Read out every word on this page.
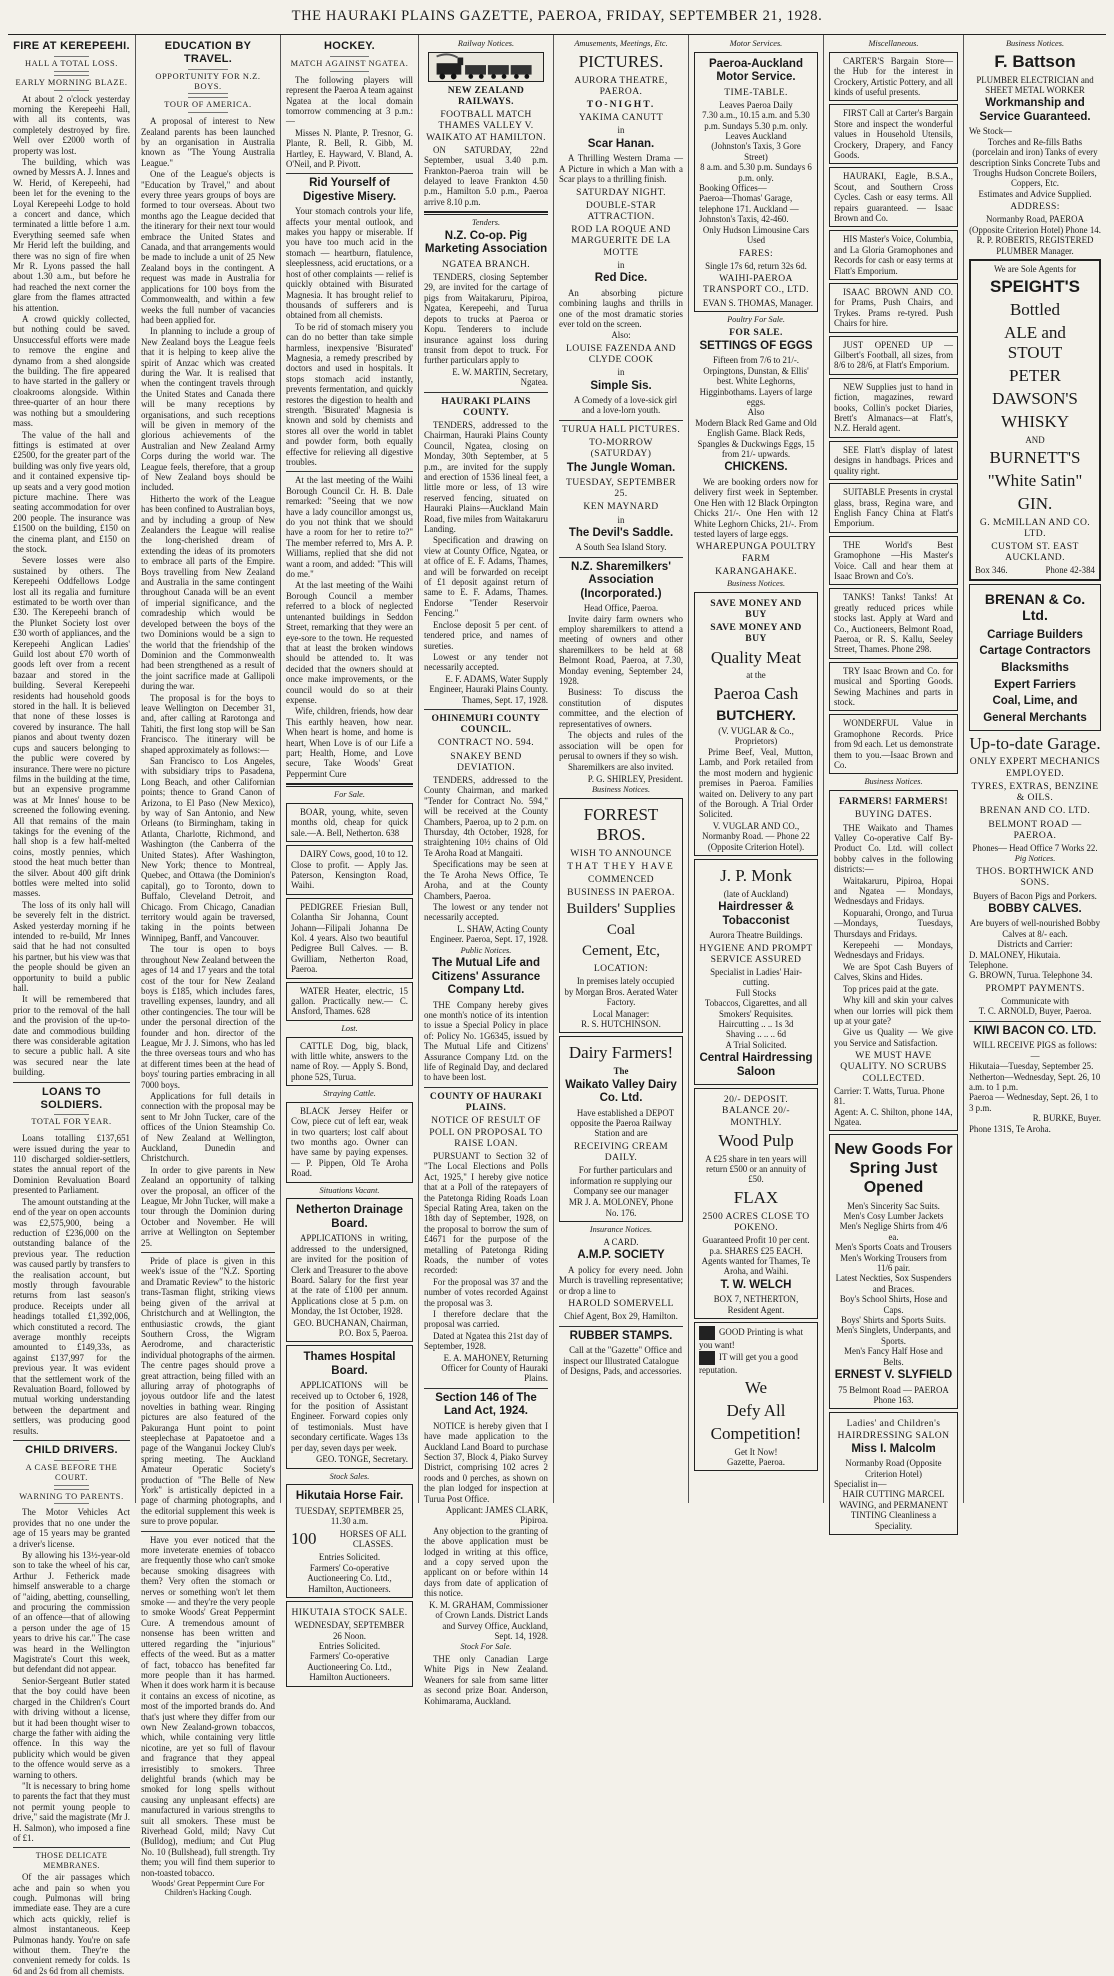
THE HAURAKI PLAINS GAZETTE, PAEROA, FRIDAY, SEPTEMBER 21, 1928.
FIRE AT KEREPEEHI.
HALL A TOTAL LOSS.
EARLY MORNING BLAZE.

At about 2 o'clock yesterday morning the Kerepeehi Hall, with all its contents, was completely destroyed by fire. Well over £2000 worth of property was lost.

The building, which was owned by Messrs A. J. Innes and W. Herid, of Kerepeehi, had been let for the evening to the Loyal Kerepeehi Lodge to hold a concert and dance, which terminated a little before 1 a.m. Everything seemed safe when Mr Herid left the building, and there was no sign of fire when Mr R. Lyons passed the hall about 1.30 a.m., but before he had reached the next corner the glare from the flames attracted his attention.

A crowd quickly collected, but nothing could be saved. Unsuccessful efforts were made to remove the engine and dynamo from a shed alongside the building. The fire appeared to have started in the gallery or cloakrooms alongside. Within three-quarter of an hour there was nothing but a smouldering mass.

The value of the hall and fittings is estimated at over £2500, for the greater part of the building was only five years old, and it contained expensive tip-up seats and a very good motion picture machine. There was seating accommodation for over 200 people. The insurance was £1500 on the building, £150 on the cinema plant, and £150 on the stock.

Severe losses were also sustained by others. The Kerepeehi Oddfellows Lodge lost all its regalia and furniture estimated to be worth over than £30. The Kerepeehi branch of the Plunket Society lost over £30 worth of appliances, and the Kerepeehi Anglican Ladies' Guild lost about £70 worth of goods left over from a recent bazaar and stored in the building. Several Kerepeehi residents had household goods stored in the hall. It is believed that none of these losses is covered by insurance. The hall pianos and about twenty dozen cups and saucers belonging to the public were covered by insurance. There were no picture films in the building at the time, but an expensive programme was at Mr Innes' house to be screened the following evening. All that remains of the main takings for the evening of the hall shop is a few half-melted coins, mostly pennies, which stood the heat much better than the silver. About 400 gift drink bottles were melted into solid masses.

The loss of its only hall will be severely felt in the district. Asked yesterday morning if he intended to re-build, Mr Innes said that he had not consulted his partner, but his view was that the people should be given an opportunity to build a public hall.

It will be remembered that prior to the removal of the hall and the provision of the up-to-date and commodious building there was considerable agitation to secure a public hall. A site was secured near the late building.

LOANS TO SOLDIERS.
TOTAL FOR YEAR.

Loans totalling £137,651 were issued during the year to 110 discharged soldier-settlers, states the annual report of the Dominion Revaluation Board presented to Parliament.

The amount outstanding at the end of the year on open accounts was £2,575,900, being a reduction of £236,000 on the outstanding balance of the previous year. The reduction was caused partly by transfers to the realisation account, but mostly through favourable returns from last season's produce. Receipts under all headings totalled £1,392,006, which constituted a record. The average monthly receipts amounted to £149,33s, as against £137,997 for the previous year. It was evident that the settlement work of the Revaluation Board, followed by mutual working understanding between the department and settlers, was producing good results.

CHILD DRIVERS.
A CASE BEFORE THE COURT.
WARNING TO PARENTS.

The Motor Vehicles Act provides that no one under the age of 15 years may be granted a driver's license.

By allowing his 13½-year-old son to take the wheel of his car, Arthur J. Fetherick made himself answerable to a charge of "aiding, abetting, counselling, and procuring the commission of an offence—that of allowing a person under the age of 15 years to drive his car." The case was heard in the Wellington Magistrate's Court this week, but defendant did not appear.

Senior-Sergeant Butler stated that the boy could have been charged in the Children's Court with driving without a license, but it had been thought wiser to charge the father with aiding the offence. In this way the publicity which would be given to the offence would serve as a warning to others.

"It is necessary to bring home to parents the fact that they must not permit young people to drive," said the magistrate (Mr J. H. Salmon), who imposed a fine of £1.

THOSE DELICATE MEMBRANES.

Of the air passages which ache and pain so when you cough. Pulmonas will bring immediate ease. They are a cure which acts quickly, relief is almost instantaneous. Keep Pulmonas handy. You're on safe without them. They're the convenient remedy for colds. 1s 6d and 2s 6d from all chemists.

EDUCATION BY TRAVEL.
OPPORTUNITY FOR N.Z. BOYS.
TOUR OF AMERICA.

A proposal of interest to New Zealand parents has been launched by an organisation in Australia known as "The Young Australia League."

One of the League's objects is "Education by Travel," and about every three years groups of boys are formed to tour overseas. About two months ago the League decided that the itinerary for their next tour would embrace the United States and Canada, and that arrangements would be made to include a unit of 25 New Zealand boys in the contingent. A request was made in Australia for applications for 100 boys from the Commonwealth, and within a few weeks the full number of vacancies had been applied for.

In planning to include a group of New Zealand boys the League feels that it is helping to keep alive the spirit of Anzac which was created during the War. It is realised that when the contingent travels through the United States and Canada there will be many receptions by organisations, and such receptions will be given in memory of the glorious achievements of the Australian and New Zealand Army Corps during the world war. The League feels, therefore, that a group of New Zealand boys should be included.

Hitherto the work of the League has been confined to Australian boys, and by including a group of New Zealanders the League will realise the long-cherished dream of extending the ideas of its promoters to embrace all parts of the Empire. Boys travelling from New Zealand and Australia in the same contingent throughout Canada will be an event of imperial significance, and the comradeship which would be developed between the boys of the two Dominions would be a sign to the world that the friendship of the Dominion and the Commonwealth had been strengthened as a result of the joint sacrifice made at Gallipoli during the war.

The proposal is for the boys to leave Wellington on December 31, and, after calling at Rarotonga and Tahiti, the first long stop will be San Francisco. The itinerary will be shaped approximately as follows:—

San Francisco to Los Angeles, with subsidiary trips to Pasadena, Long Beach, and other Californian points; thence to Grand Canon of Arizona, to El Paso (New Mexico), by way of San Antonio, and New Orleans (to Birmingham, taking in Atlanta, Charlotte, Richmond, and Washington (the Canberra of the United States). After Washington, New York; thence to Montreal, Quebec, and Ottawa (the Dominion's capital), go to Toronto, down to Buffalo, Cleveland Detroit, and Chicago. From Chicago, Canadian territory would again be traversed, taking in the points between Winnipeg, Banff, and Vancouver.

The tour is open to boys throughout New Zealand between the ages of 14 and 17 years and the total cost of the tour for New Zealand boys is £185, which includes fares, travelling expenses, laundry, and all other contingencies. The tour will be under the personal direction of the founder and hon. director of the League, Mr J. J. Simons, who has led the three overseas tours and who has at different times been at the head of boys' touring parties embracing in all 7000 boys.

Applications for full details in connection with the proposal may be sent to Mr John Tucker, care of the offices of the Union Steamship Co. of New Zealand at Wellington, Auckland, Dunedin and Christchurch.

In order to give parents in New Zealand an opportunity of talking over the proposal, an officer of the League, Mr John Tucker, will make a tour through the Dominion during October and November. He will arrive at Wellington on September 25.

Pride of place is given in this week's issue of the "N.Z. Sporting and Dramatic Review" to the historic trans-Tasman flight, striking views being given of the arrival at Christchurch and at Wellington, the enthusiastic crowds, the giant Southern Cross, the Wigram Aerodrome, and characteristic individual photographs of the airmen. The centre pages should prove a great attraction, being filled with an alluring array of photographs of joyous outdoor life and the latest novelties in bathing wear. Ringing pictures are also featured of the Pakuranga Hunt point to point steeplechase at Papatoetoe and a page of the Wanganui Jockey Club's spring meeting. The Auckland Amateur Operatic Society's production of "The Belle of New York" is artistically depicted in a page of charming photographs, and the editorial supplement this week is sure to prove popular.

Have you ever noticed that the more inveterate enemies of tobacco are frequently those who can't smoke because smoking disagrees with them? Very often the stomach or nerves or something won't let them smoke — and they're the very people to smoke Woods' Great Peppermint Cure. A tremendous amount of nonsense has been written and uttered regarding the "injurious" effects of the weed. But as a matter of fact, tobacco has benefited far more people than it has harmed. When it does work harm it is because it contains an excess of nicotine, as most of the imported brands do. And that's just where they differ from our own New Zealand-grown tobaccos, which, while containing very little nicotine, are yet so full of flavour and fragrance that they appeal irresistibly to smokers. Three delightful brands (which may be smoked for long spells without causing any unpleasant effects) are manufactured in various strengths to suit all smokers. These must be Riverhead Gold, mild; Navy Cut (Bulldog), medium; and Cut Plug No. 10 (Bullshead), full strength. Try them; you will find them superior to non-toasted tobacco.

Woods' Great Peppermint Cure For Children's Hacking Cough.
HOCKEY.
MATCH AGAINST NGATEA.

The following players will represent the Paeroa A team against Ngatea at the local domain tomorrow commencing at 3 p.m.:—

Misses N. Plante, P. Tresnor, G. Plante, R. Bell, R. Gibb, M. Hartley, E. Hayward, V. Bland, A. O'Neil, and P. Pivott.

Rid Yourself of Digestive Misery.

Your stomach controls your life, affects your mental outlook, and makes you happy or miserable. If you have too much acid in the stomach — heartburn, flatulence, sleeplessness, acid eructations, or a host of other complaints — relief is quickly obtained with Bisurated Magnesia. It has brought relief to thousands of sufferers and is obtained from all chemists.

To be rid of stomach misery you can do no better than take simple harmless, inexpensive 'Bisurated' Magnesia, a remedy prescribed by doctors and used in hospitals. It stops stomach acid instantly, prevents fermentation, and quickly restores the digestion to health and strength. 'Bisurated' Magnesia is known and sold by chemists and stores all over the world in tablet and powder form, both equally effective for relieving all digestive troubles.

At the last meeting of the Waihi Borough Council Cr. H. B. Dale remarked: "Seeing that we now have a lady councillor amongst us, do you not think that we should have a room for her to retire to?" The member referred to, Mrs A. P. Williams, replied that she did not want a room, and added: "This will do me."

At the last meeting of the Waihi Borough Council a member referred to a block of neglected untenanted buildings in Seddon Street, remarking that they were an eye-sore to the town. He requested that at least the broken windows should be attended to. It was decided that the owners should at once make improvements, or the council would do so at their expense.

Wife, children, friends, how dear This earthly heaven, how near. When heart is home, and home is heart, When Love is of our Life a part; Health, Home, and Love secure, Take Woods' Great Peppermint Cure

For Sale.

BOAR, young, white, seven months old, cheap for quick sale.—A. Bell, Netherton. 638

DAIRY Cows, good, 10 to 12. Close to profit. — Apply Jas. Paterson, Kensington Road, Waihi.

PEDIGREE Friesian Bull, Colantha Sir Johanna, Count Johann—Filipali Johanna De Kol. 4 years. Also two beautiful Pedigree Bull Calves. — B. Gwilliam, Netherton Road, Paeroa.

WATER Heater, electric, 15 gallon. Practically new.— C. Ansford, Thames. 628

Lost.

CATTLE Dog, big, black, with little white, answers to the name of Roy. — Apply S. Bond, phone 52S, Turua.

Straying Cattle.

BLACK Jersey Heifer or Cow, piece cut of left ear, weak in two quarters; lost calf about two months ago. Owner can have same by paying expenses. — P. Pippen, Old Te Aroha Road.

Situations Vacant.
Netherton Drainage Board.

APPLICATIONS in writing, addressed to the undersigned, are invited for the position of Clerk and Treasurer to the above Board. Salary for the first year at the rate of £100 per annum. Applications close at 5 p.m. on Monday, the 1st October, 1928.

GEO. BUCHANAN, Chairman, P.O. Box 5, Paeroa.
Thames Hospital Board.

APPLICATIONS will be received up to October 6, 1928, for the position of Assistant Engineer. Forward copies only of testimonials. Must have secondary certificate. Wages 13s per day, seven days per week.

GEO. TONGE, Secretary.
Stock Sales.
Hikutaia Horse Fair.
TUESDAY, SEPTEMBER 25, 11.30 a.m.
100	HORSES OF ALL CLASSES.
Entries Solicited.
Farmers' Co-operative Auctioneering Co. Ltd., Hamilton, Auctioneers.
HIKUTAIA STOCK SALE.
WEDNESDAY, SEPTEMBER 26 Noon.
Entries Solicited.
Farmers' Co-operative Auctioneering Co. Ltd., Hamilton Auctioneers.
Railway Notices.
NEW ZEALAND RAILWAYS.
FOOTBALL MATCH THAMES VALLEY V. WAIKATO AT HAMILTON.

ON SATURDAY, 22nd September, usual 3.40 p.m. Frankton-Paeroa train will be delayed to leave Frankton 4.50 p.m., Hamilton 5.0 p.m., Paeroa arrive 8.10 p.m.

Tenders.
N.Z. Co-op. Pig Marketing Association
NGATEA BRANCH.

TENDERS, closing September 29, are invited for the cartage of pigs from Waitakaruru, Pipiroa, Ngatea, Kerepeehi, and Turua depots to trucks at Paeroa or Kopu. Tenderers to include insurance against loss during transit from depot to truck. For further particulars apply to

E. W. MARTIN, Secretary, Ngatea.
HAURAKI PLAINS COUNTY.

TENDERS, addressed to the Chairman, Hauraki Plains County Council, Ngatea, closing on Monday, 30th September, at 5 p.m., are invited for the supply and erection of 1536 lineal feet, a little more or less, of 13 wire reserved fencing, situated on Hauraki Plains—Auckland Main Road, five miles from Waitakaruru Landing.

Specification and drawing on view at County Office, Ngatea, or at office of E. F. Adams, Thames, and will be forwarded on receipt of £1 deposit against return of same to E. F. Adams, Thames. Endorse "Tender Reservoir Fencing."

Enclose deposit 5 per cent. of tendered price, and names of sureties.

Lowest or any tender not necessarily accepted.

E. F. ADAMS, Water Supply Engineer, Hauraki Plains County. Thames, Sept. 17, 1928.
OHINEMURI COUNTY COUNCIL.
CONTRACT NO. 594.
SNAKEY BEND DEVIATION.

TENDERS, addressed to the County Chairman, and marked "Tender for Contract No. 594," will be received at the County Chambers, Paeroa, up to 2 p.m. on Thursday, 4th October, 1928, for straightening 10½ chains of Old Te Aroha Road at Mangaiti.

Specifications may be seen at the Te Aroha News Office, Te Aroha, and at the County Chambers, Paeroa.

The lowest or any tender not necessarily accepted.

L. SHAW, Acting County Engineer. Paeroa, Sept. 17, 1928.
Public Notices.
The Mutual Life and Citizens' Assurance Company Ltd.

THE Company hereby gives one month's notice of its intention to issue a Special Policy in place of: Policy No. 1G6345, issued by The Mutual Life and Citizens' Assurance Company Ltd. on the life of Reginald Day, and declared to have been lost.

COUNTY OF HAURAKI PLAINS.
NOTICE OF RESULT OF POLL ON PROPOSAL TO RAISE LOAN.

PURSUANT to Section 32 of "The Local Elections and Polls Act, 1925," I hereby give notice that at a Poll of the ratepayers of the Patetonga Riding Roads Loan Special Rating Area, taken on the 18th day of September, 1928, on the proposal to borrow the sum of £4671 for the purpose of the metalling of Patetonga Riding Roads, the number of votes recorded:

For the proposal was 37 and the number of votes recorded Against the proposal was 3.

I therefore declare that the proposal was carried.

Dated at Ngatea this 21st day of September, 1928.

E. A. MAHONEY, Returning Officer for County of Hauraki Plains.
Section 146 of The Land Act, 1924.

NOTICE is hereby given that I have made application to the Auckland Land Board to purchase Section 37, Block 4, Piako Survey District, comprising 102 acres 2 roods and 0 perches, as shown on the plan lodged for inspection at Turua Post Office.

Applicant: JAMES CLARK, Pipiroa.

Any objection to the granting of the above application must be lodged in writing at this office, and a copy served upon the applicant on or before within 14 days from date of application of this notice.

K. M. GRAHAM, Commissioner of Crown Lands. District Lands and Survey Office, Auckland, Sept. 14, 1928.
Stock For Sale.

THE only Canadian Large White Pigs in New Zealand. Weaners for sale from same litter as second prize Boar. Anderson, Kohimarama, Auckland.

Amusements, Meetings, Etc.
PICTURES.
AURORA THEATRE, PAEROA.
TO-NIGHT.
YAKIMA CANUTT
in
Scar Hanan.

A Thrilling Western Drama — A Picture in which a Man with a Scar plays to a thrilling finish.

SATURDAY NIGHT.
DOUBLE-STAR ATTRACTION.
ROD LA ROQUE AND MARGUERITE DE LA MOTTE
in
Red Dice.

An absorbing picture combining laughs and thrills in one of the most dramatic stories ever told on the screen.

Also:
LOUISE FAZENDA AND CLYDE COOK
in
Simple Sis.

A Comedy of a love-sick girl and a love-lorn youth.

TURUA HALL PICTURES.
TO-MORROW (SATURDAY)
The Jungle Woman.
TUESDAY, SEPTEMBER 25.
KEN MAYNARD
in
The Devil's Saddle.
A South Sea Island Story.
N.Z. Sharemilkers' Association (Incorporated.)
Head Office, Paeroa.

Invite dairy farm owners who employ sharemilkers to attend a meeting of owners and other sharemilkers to be held at 68 Belmont Road, Paeroa, at 7.30, Monday evening, September 24, 1928.

Business: To discuss the constitution of disputes committee, and the election of representatives of owners.

The objects and rules of the association will be open for perusal to owners if they so wish.

Sharemilkers are also invited.

P. G. SHIRLEY, President.
Business Notices.
FORREST BROS.
WISH TO ANNOUNCE
THAT THEY HAVE
COMMENCED
BUSINESS IN PAEROA.
Builders' Supplies
Coal
Cement, Etc,
LOCATION:

In premises lately occupied by Morgan Bros. Aerated Water Factory.

Local Manager:
R. S. HUTCHINSON.
Dairy Farmers!
The
Waikato Valley Dairy Co. Ltd.

Have established a DEPOT opposite the Paeroa Railway Station and are

RECEIVING CREAM DAILY.

For further particulars and information re supplying our Company see our manager

MR J. A. MOLONEY, Phone No. 176.
Insurance Notices.
A CARD.
A.M.P. SOCIETY

A policy for every need. John Murch is travelling representative; or drop a line to

HAROLD SOMERVELL
Chief Agent, Box 29, Hamilton.
RUBBER STAMPS.

Call at the "Gazette" Office and inspect our Illustrated Catalogue of Designs, Pads, and accessories.

Motor Services.
Paeroa-Auckland Motor Service.
TIME-TABLE.
Leaves Paeroa Daily
7.30 a.m., 10.15 a.m. and 5.30 p.m. Sundays 5.30 p.m. only.
Leaves Auckland
(Johnston's Taxis, 3 Gore Street)
8 a.m. and 5.30 p.m. Sundays 6 p.m. only.
Booking Offices—
Paeroa—Thomas' Garage, telephone 171. Auckland — Johnston's Taxis, 42-460.
Only Hudson Limousine Cars Used
FARES:
Single 17s 6d, return 32s 6d.
WAIHI-PAEROA TRANSPORT CO., LTD.
EVAN S. THOMAS, Manager.
Poultry For Sale.
FOR SALE.
SETTINGS OF EGGS
Fifteen from 7/6 to 21/-.
Orpingtons, Dunstan, & Ellis' best. White Leghorns, Higginbothams. Layers of large eggs.
Also
Modern Black Red Game and Old English Game. Black Reds, Spangles & Duckwings Eggs, 15 from 21/- upwards.
CHICKENS.

We are booking orders now for delivery first week in September. One Hen with 12 Black Orpington Chicks 21/-. One Hen with 12 White Leghorn Chicks, 21/-. From tested layers of large eggs.

WHAREPUNGA POULTRY FARM
KARANGAHAKE.
Business Notices.
SAVE MONEY AND BUY
SAVE MONEY AND BUY
Quality Meat
at the
Paeroa Cash
BUTCHERY.
(V. VUGLAR & Co., Proprietors)

Prime Beef, Veal, Mutton, Lamb, and Pork retailed from the most modern and hygienic premises in Paeroa. Families waited on. Delivery to any part of the Borough. A Trial Order Solicited.

V. VUGLAR AND CO., Normanby Road. — Phone 22 (Opposite Criterion Hotel).
J. P. Monk
(late of Auckland)
Hairdresser & Tobacconist
Aurora Theatre Buildings.
HYGIENE AND PROMPT SERVICE ASSURED
Specialist in Ladies' Hair-cutting.
Full Stocks
Tobaccos, Cigarettes, and all Smokers' Requisites.
Haircutting .. .. 1s 3d
Shaving .. .. .. 6d
A Trial Solicited.
Central Hairdressing Saloon
20/- DEPOSIT. BALANCE 20/- MONTHLY.
Wood Pulp
A £25 share in ten years will return £500 or an annuity of £50.
FLAX
2500 ACRES CLOSE TO POKENO.
Guaranteed Profit 10 per cent. p.a. SHARES £25 EACH. Agents wanted for Thames, Te Aroha, and Waihi.
T. W. WELCH
BOX 7, NETHERTON, Resident Agent.
GOOD Printing is what you want!
IT will get you a good reputation.
We
Defy All
Competition!
Get It Now!
Gazette, Paeroa.
Miscellaneous.

CARTER'S Bargain Store—the Hub for the interest in Crockery, Artistic Pottery, and all kinds of useful presents.

FIRST Call at Carter's Bargain Store and inspect the wonderful values in Household Utensils, Crockery, Drapery, and Fancy Goods.

HAURAKI, Eagle, B.S.A., Scout, and Southern Cross Cycles. Cash or easy terms. All repairs guaranteed. — Isaac Brown and Co.

HIS Master's Voice, Columbia, and La Gloria Gramophones and Records for cash or easy terms at Flatt's Emporium.

ISAAC BROWN AND CO. for Prams, Push Chairs, and Trykes. Prams re-tyred. Push Chairs for hire.

JUST OPENED UP — Gilbert's Football, all sizes, from 8/6 to 28/6, at Flatt's Emporium.

NEW Supplies just to hand in fiction, magazines, reward books, Collin's pocket Diaries, Brett's Almanacs—at Flatt's, N.Z. Herald agent.

SEE Flatt's display of latest designs in handbags. Prices and quality right.

SUITABLE Presents in crystal glass, brass, Regina ware, and English Fancy China at Flatt's Emporium.

THE World's Best Gramophone —His Master's Voice. Call and hear them at Isaac Brown and Co's.

TANKS! Tanks! Tanks! At greatly reduced prices while stocks last. Apply at Ward and Co., Auctioneers, Belmont Road, Paeroa, or R. S. Kallu, Seeley Street, Thames. Phone 298.

TRY Isaac Brown and Co. for musical and Sporting Goods. Sewing Machines and parts in stock.

WONDERFUL Value in Gramophone Records. Price from 9d each. Let us demonstrate them to you.—Isaac Brown and Co.

Business Notices.
FARMERS! FARMERS!
BUYING DATES.

THE Waikato and Thames Valley Co-operative Calf By-Product Co. Ltd. will collect bobby calves in the following districts:—

Waitakaruru, Pipiroa, Hopai and Ngatea — Mondays, Wednesdays and Fridays.

Kopuarahi, Orongo, and Turua—Mondays, Tuesdays, Thursdays and Fridays.

Kerepeehi — Mondays, Wednesdays and Fridays.

We are Spot Cash Buyers of Calves, Skins and Hides.

Top prices paid at the gate.

Why kill and skin your calves when our lorries will pick them up at your gate?

Give us Quality — We give you Service and Satisfaction.

WE MUST HAVE QUALITY. NO SCRUBS COLLECTED.
Carrier: T. Watts, Turua. Phone 81.
Agent: A. C. Shilton, phone 14A, Ngatea.
New Goods For Spring Just Opened
Men's Sincerity Sac Suits.
Men's Cosy Lumber Jackets
Men's Neglige Shirts from 4/6 ea.
Men's Sports Coats and Trousers
Men's Working Trousers from 11/6 pair.
Latest Neckties, Sox Suspenders and Braces.
Boy's School Shirts, Hose and Caps.
Boys' Shirts and Sports Suits.
Men's Singlets, Underpants, and Sports.
Men's Fancy Half Hose and Belts.
ERNEST V. SLYFIELD
75 Belmont Road — PAEROA Phone 163.
Ladies' and Children's HAIRDRESSING SALON
Miss I. Malcolm
Normanby Road (Opposite Criterion Hotel)
Specialist in—
HAIR CUTTING MARCEL WAVING, and PERMANENT TINTING Cleanliness a Speciality.
Business Notices.
F. Battson
PLUMBER ELECTRICIAN and SHEET METAL WORKER
Workmanship and Service Guaranteed.
We Stock—
Torches and Re-fills Baths (porcelain and iron) Tanks of every description Sinks Concrete Tubs and Troughs Hudson Concrete Boilers, Coppers, Etc.
Estimates and Advice Supplied.
ADDRESS:
Normanby Road, PAEROA (Opposite Criterion Hotel) Phone 14.
R. P. ROBERTS, REGISTERED PLUMBER Manager.
We are Sole Agents for
SPEIGHT'S
Bottled
ALE and STOUT
PETER
DAWSON'S
WHISKY
AND
BURNETT'S
"White Satin"
GIN.
G. McMILLAN AND CO. LTD.
CUSTOM ST. EAST AUCKLAND.
Box 346.	Phone 42-384
BRENAN & Co. Ltd.
Carriage Builders
Cartage Contractors
Blacksmiths
Expert Farriers
Coal, Lime, and General Merchants
Up-to-date Garage.
ONLY EXPERT MECHANICS EMPLOYED.
TYRES, EXTRAS, BENZINE & OILS.
BRENAN AND CO. LTD.
BELMONT ROAD — PAEROA.
Phones— Head Office 7 Works 22.
Pig Notices.
THOS. BORTHWICK AND SONS.
Buyers of Bacon Pigs and Porkers.
BOBBY CALVES.
Are buyers of well-nourished Bobby Calves at 8/- each.
Districts and Carrier:
D. MALONEY, Hikutaia. Telephone.
G. BROWN, Turua. Telephone 34.
PROMPT PAYMENTS.
Communicate with
T. C. ARNOLD, Buyer, Paeroa.
KIWI BACON CO. LTD.
WILL RECEIVE PIGS as follows:—
Hikutaia—Tuesday, September 25.
Netherton—Wednesday, Sept. 26, 10 a.m. to 1 p.m.
Paeroa — Wednesday, Sept. 26, 1 to 3 p.m.
R. BURKE, Buyer.
Phone 131S, Te Aroha.
